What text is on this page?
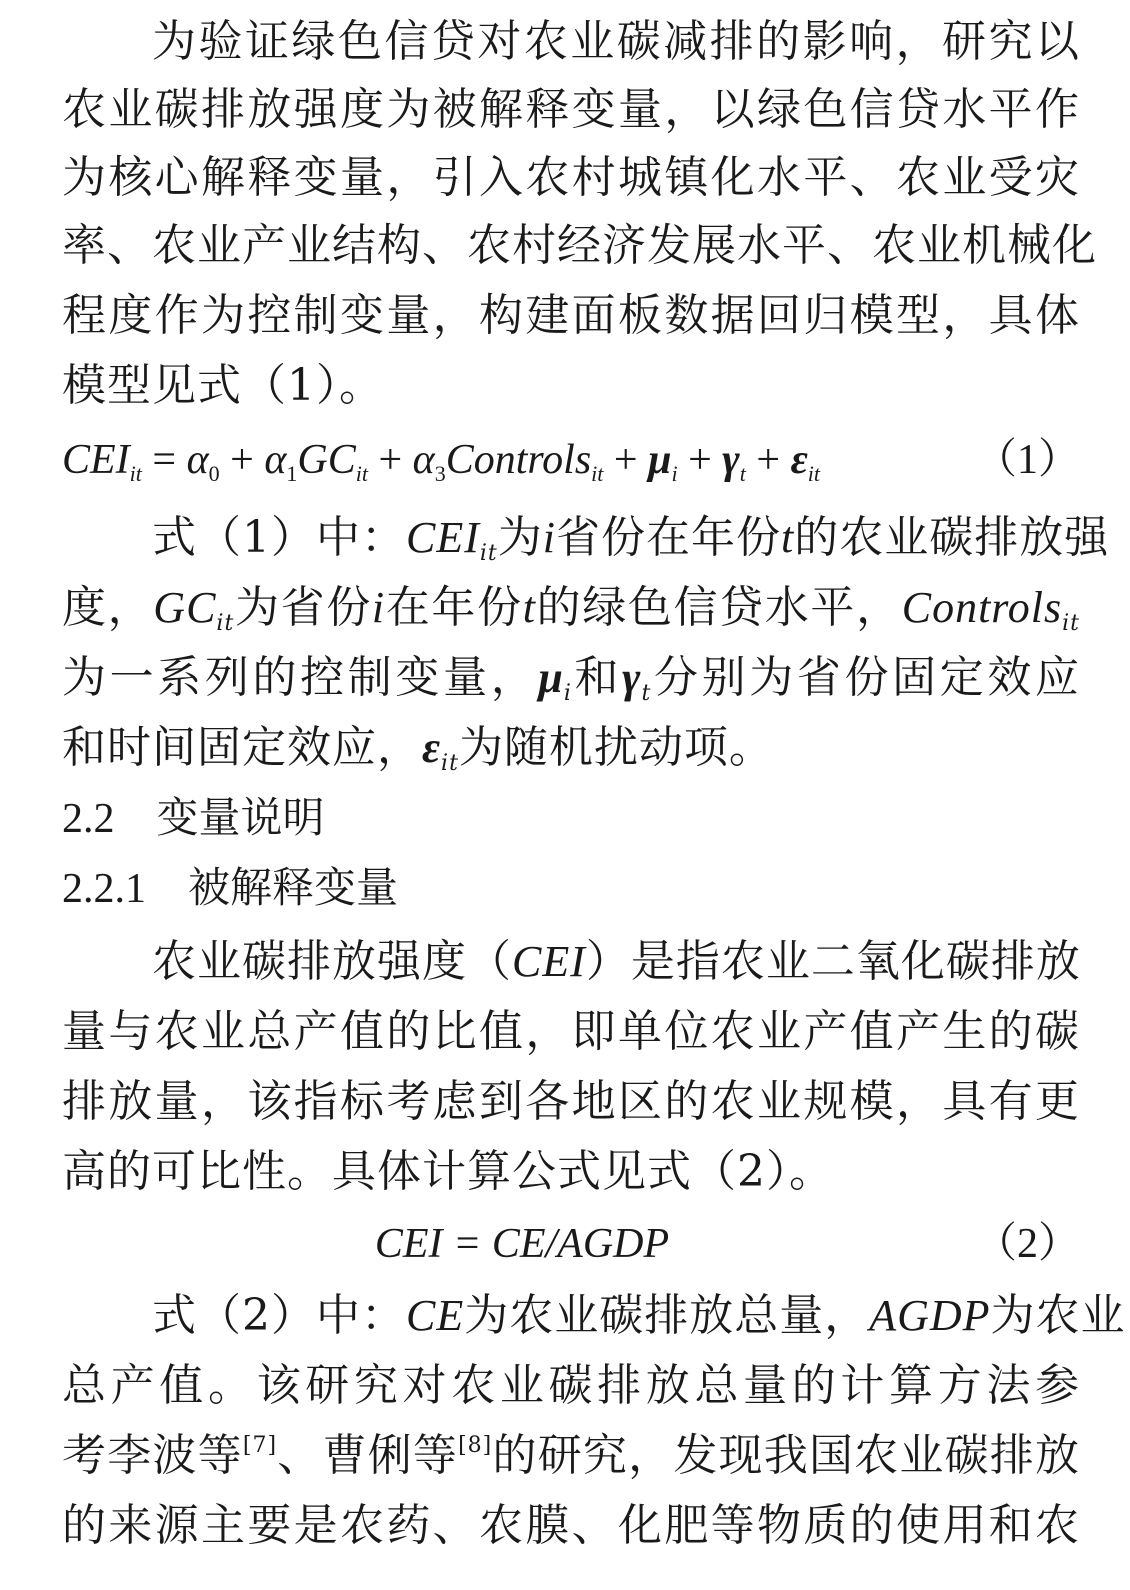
为验证绿色信贷对农业碳减排的影响，研究以
农业碳排放强度为被解释变量，以绿色信贷水平作
为核心解释变量，引入农村城镇化水平、农业受灾
率、农业产业结构、农村经济发展水平、农业机械化
程度作为控制变量，构建面板数据回归模型，具体
模型见式（1）。
$CEI_{it} = \alpha_0 + \alpha_1GC_{it}$ + $\alpha_3Controls_{it} + \mu_i + \gamma_t + \varepsilon_{it}$	（1）
式（1）中：$CEI_{it}$为i省份在年份t的农业碳排放强
度，$GC_{it}$为省份i在年份t的绿色信贷水平，Controls$_{it}$
为一系列的控制变量，$\mu_i$和$\gamma_t$分别为省份固定效应
和时间固定效应，$\varepsilon_{it}$为随机扰动项。
2.2 变量说明
2.2.1 被解释变量
农业碳排放强度（CEI）是指农业二氧化碳排放
量与农业总产值的比值，即单位农业产值产生的碳
排放量，该指标考虑到各地区的农业规模，具有更
高的可比性。具体计算公式见式（2）。
CEI = CE/AGDP	（2）
式（2）中：CE为农业碳排放总量，AGDP为农业
总产值。该研究对农业碳排放总量的计算方法参
考李波等[7]、曹俐等[8]的研究，发现我国农业碳排放
的来源主要是农药、农膜、化肥等物质的使用和农
